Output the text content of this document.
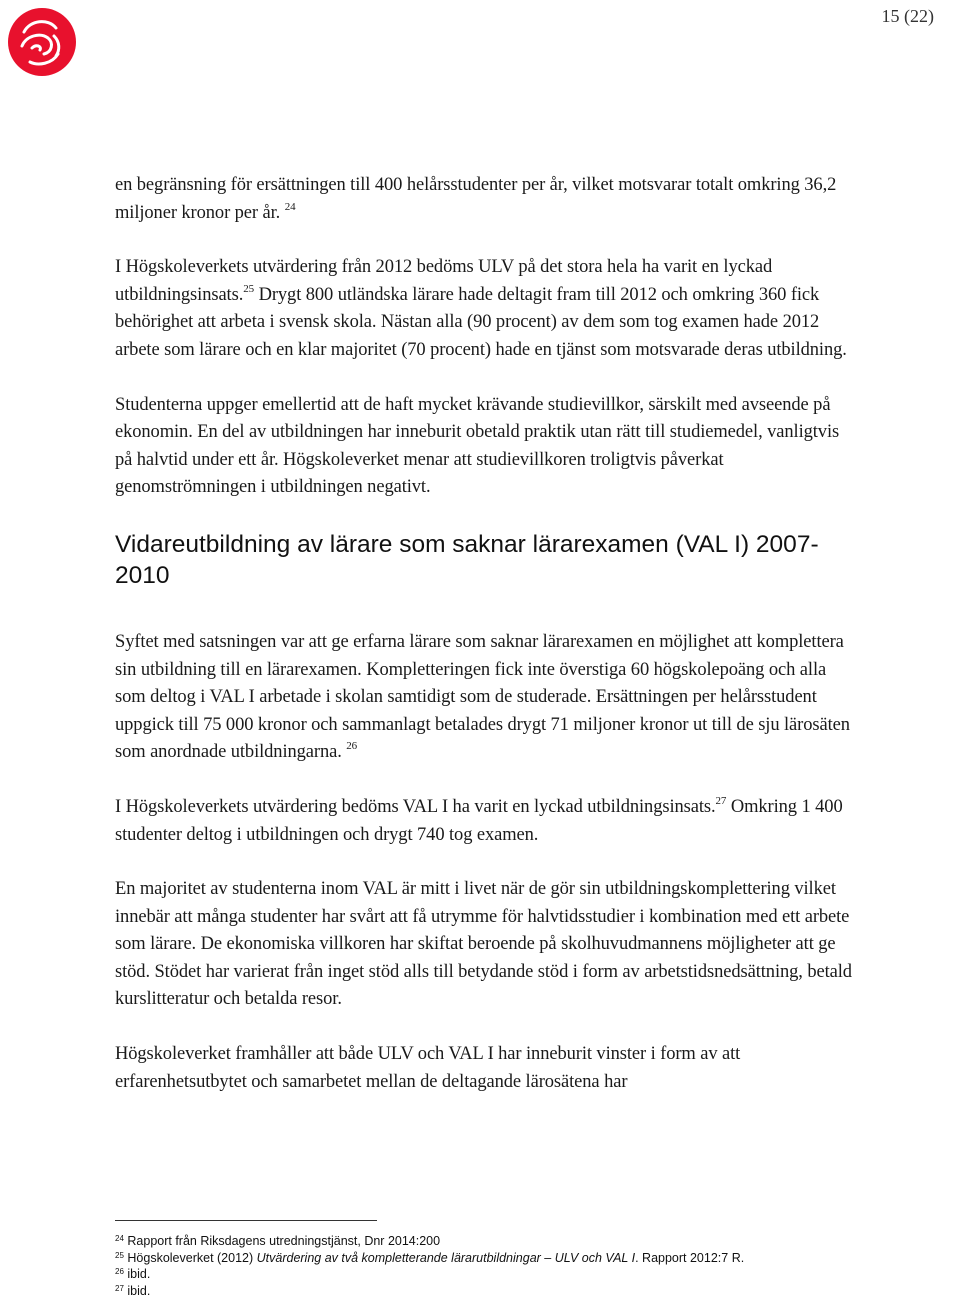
15 (22)

en begränsning för ersättningen till 400 helårsstudenter per år, vilket motsvarar totalt omkring 36,2 miljoner kronor per år. $^{24}$

I Högskoleverkets utvärdering från 2012 bedöms ULV på det stora hela ha varit en lyckad utbildningsinsats.$^{25}$ Drygt 800 utländska lärare hade deltagit fram till 2012 och omkring 360 fick behörighet att arbeta i svensk skola. Nästan alla (90 procent) av dem som tog examen hade 2012 arbete som lärare och en klar majoritet (70 procent) hade en tjänst som motsvarade deras utbildning.

Studenterna uppger emellertid att de haft mycket krävande studievillkor, särskilt med avseende på ekonomin. En del av utbildningen har inneburit obetald praktik utan rätt till studiemedel, vanligtvis på halvtid under ett år. Högskoleverket menar att studievillkoren troligtvis påverkat genomströmningen i utbildningen negativt.

Vidareutbildning av lärare som saknar lärarexamen (VAL I) 2007-2010

Syftet med satsningen var att ge erfarna lärare som saknar lärarexamen en möjlighet att komplettera sin utbildning till en lärarexamen. Kompletteringen fick inte överstiga 60 högskolepoäng och alla som deltog i VAL I arbetade i skolan samtidigt som de studerade. Ersättningen per helårsstudent uppgick till 75 000 kronor och sammanlagt betalades drygt 71 miljoner kronor ut till de sju lärosäten som anordnade utbildningarna. $^{26}$

I Högskoleverkets utvärdering bedöms VAL I ha varit en lyckad utbildningsinsats.$^{27}$ Omkring 1 400 studenter deltog i utbildningen och drygt 740 tog examen.

En majoritet av studenterna inom VAL är mitt i livet när de gör sin utbildningskomplettering vilket innebär att många studenter har svårt att få utrymme för halvtidsstudier i kombination med ett arbete som lärare. De ekonomiska villkoren har skiftat beroende på skolhuvudmannens möjligheter att ge stöd. Stödet har varierat från inget stöd alls till betydande stöd i form av arbetstidsnedsättning, betald kurslitteratur och betalda resor.

Högskoleverket framhåller att både ULV och VAL I har inneburit vinster i form av att erfarenhetsutbytet och samarbetet mellan de deltagande lärosätena har

$^{24}$ Rapport från Riksdagens utredningstjänst, Dnr 2014:200
$^{25}$ Högskoleverket (2012) Utvärdering av två kompletterande lärarutbildningar – ULV och VAL I. Rapport 2012:7 R.
$^{26}$ ibid.
$^{27}$ ibid.
